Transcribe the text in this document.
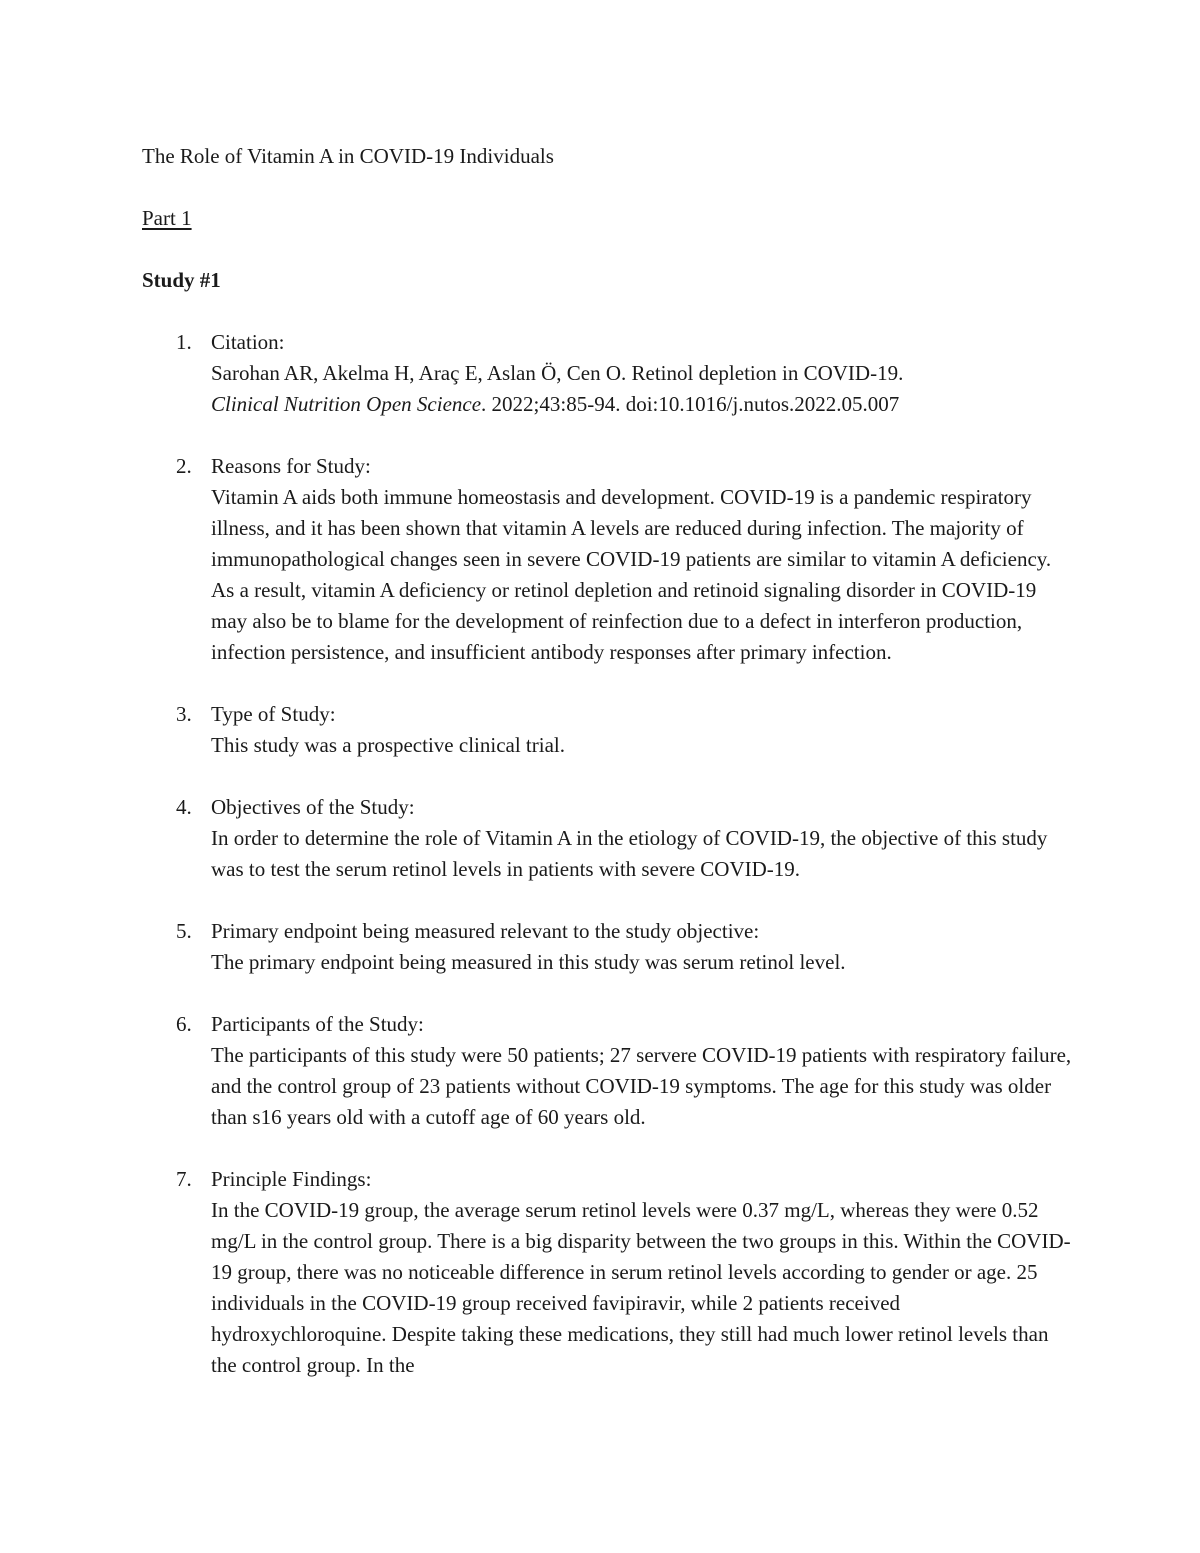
The Role of Vitamin A in COVID-19 Individuals
Part 1
Study #1
1. Citation:
Sarohan AR, Akelma H, Araç E, Aslan Ö, Cen O. Retinol depletion in COVID-19.
Clinical Nutrition Open Science. 2022;43:85-94. doi:10.1016/j.nutos.2022.05.007
2. Reasons for Study:
Vitamin A aids both immune homeostasis and development. COVID-19 is a pandemic respiratory illness, and it has been shown that vitamin A levels are reduced during infection. The majority of immunopathological changes seen in severe COVID-19 patients are similar to vitamin A deficiency. As a result, vitamin A deficiency or retinol depletion and retinoid signaling disorder in COVID-19 may also be to blame for the development of reinfection due to a defect in interferon production, infection persistence, and insufficient antibody responses after primary infection.
3. Type of Study:
This study was a prospective clinical trial.
4. Objectives of the Study:
In order to determine the role of Vitamin A in the etiology of COVID-19, the objective of this study was to test the serum retinol levels in patients with severe COVID-19.
5. Primary endpoint being measured relevant to the study objective:
The primary endpoint being measured in this study was serum retinol level.
6. Participants of the Study:
The participants of this study were 50 patients; 27 servere COVID-19 patients with respiratory failure, and the control group of 23 patients without COVID-19 symptoms. The age for this study was older than s16 years old with a cutoff age of 60 years old.
7. Principle Findings:
In the COVID-19 group, the average serum retinol levels were 0.37 mg/L, whereas they were 0.52 mg/L in the control group. There is a big disparity between the two groups in this. Within the COVID-19 group, there was no noticeable difference in serum retinol levels according to gender or age. 25 individuals in the COVID-19 group received favipiravir, while 2 patients received hydroxychloroquine. Despite taking these medications, they still had much lower retinol levels than the control group. In the
